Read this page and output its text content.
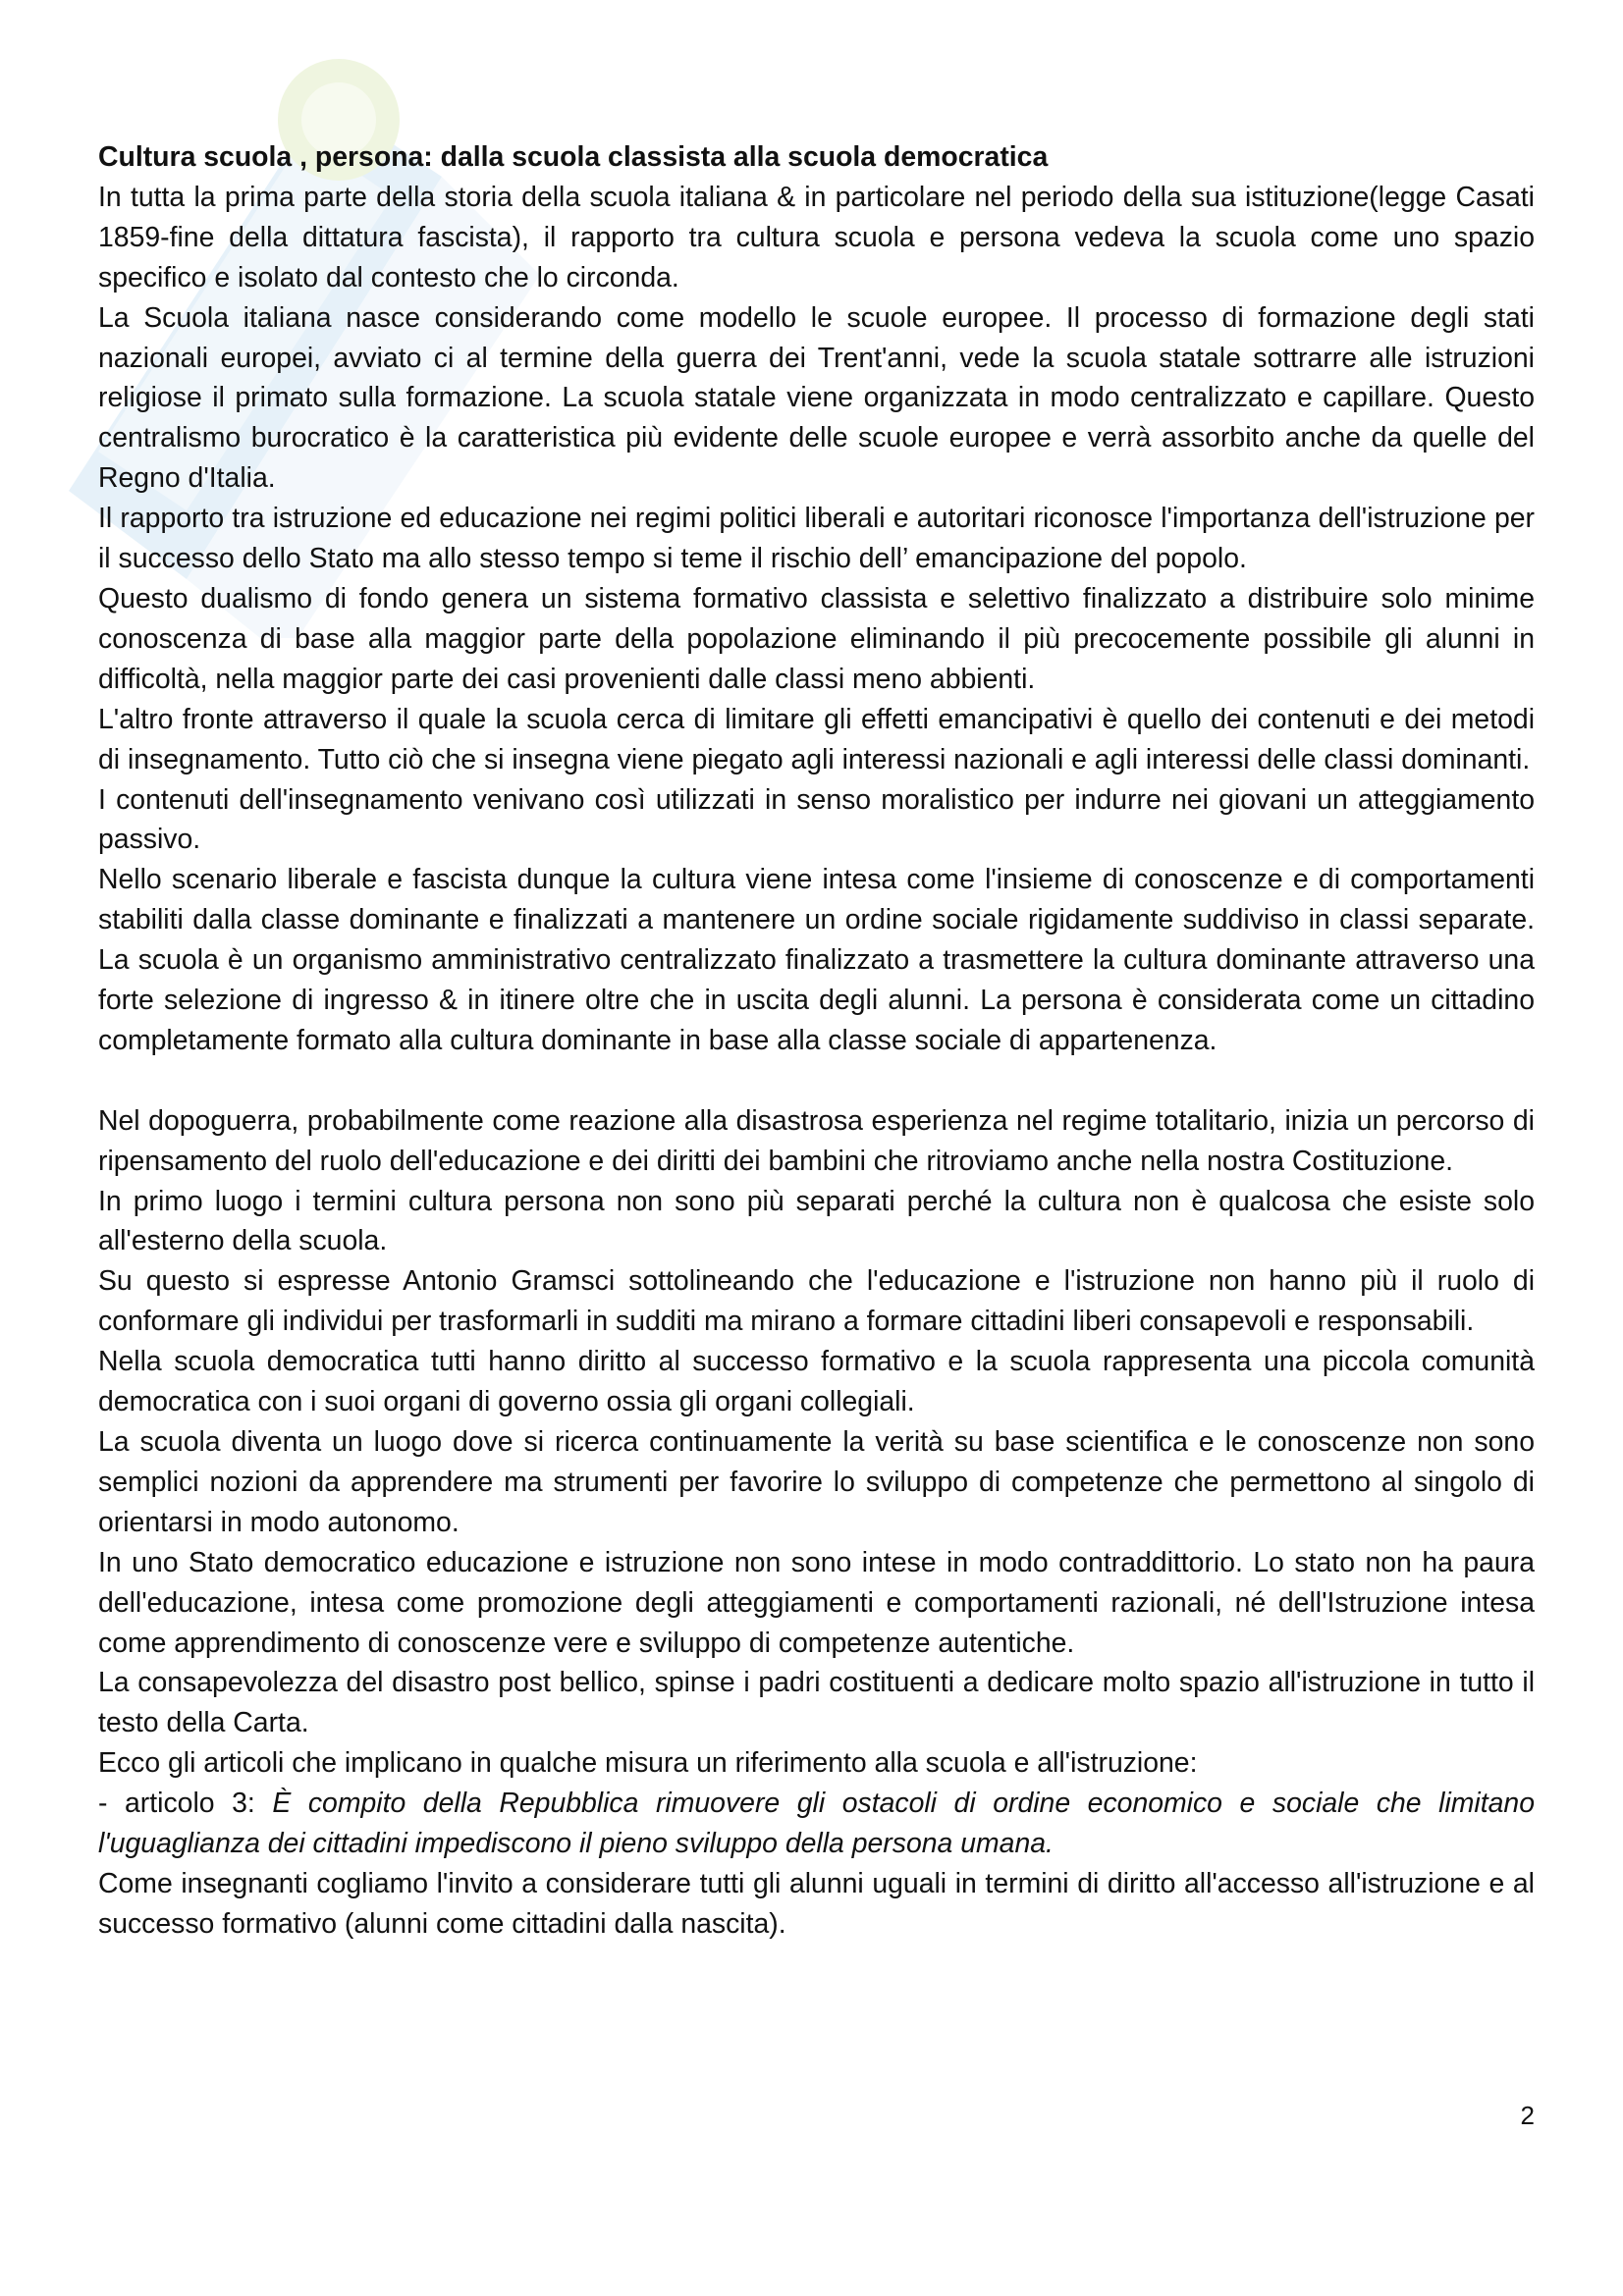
Cultura scuola , persona: dalla scuola classista alla scuola democratica

In tutta la prima parte della storia della scuola italiana & in particolare nel periodo della sua istituzione(legge Casati 1859-fine della dittatura fascista), il rapporto tra cultura scuola e persona vedeva la scuola come uno spazio specifico e isolato dal contesto che lo circonda.

La Scuola italiana nasce considerando come modello le scuole europee. Il processo di formazione degli stati nazionali europei, avviato ci al termine della guerra dei Trent'anni, vede la scuola statale sottrarre alle istruzioni religiose il primato sulla formazione. La scuola statale viene organizzata in modo centralizzato e capillare. Questo centralismo burocratico è la caratteristica più evidente delle scuole europee e verrà assorbito anche da quelle del Regno d'Italia.

Il rapporto tra istruzione ed educazione nei regimi politici liberali e autoritari riconosce l'importanza dell'istruzione per il successo dello Stato ma allo stesso tempo si teme il rischio dell’ emancipazione del popolo.

Questo dualismo di fondo genera un sistema formativo classista e selettivo finalizzato a distribuire solo minime conoscenza di base alla maggior parte della popolazione eliminando il più precocemente possibile gli alunni in difficoltà, nella maggior parte dei casi provenienti dalle classi meno abbienti.

L'altro fronte attraverso il quale la scuola cerca di limitare gli effetti emancipativi è quello dei contenuti e dei metodi di insegnamento. Tutto ciò che si insegna viene piegato agli interessi nazionali e agli interessi delle classi dominanti.

I contenuti dell'insegnamento venivano così utilizzati in senso moralistico per indurre nei giovani un atteggiamento passivo.

Nello scenario liberale e fascista dunque la cultura viene intesa come l'insieme di conoscenze e di comportamenti stabiliti dalla classe dominante e finalizzati a mantenere un ordine sociale rigidamente suddiviso in classi separate. La scuola è un organismo amministrativo centralizzato finalizzato a trasmettere la cultura dominante attraverso una forte selezione di ingresso & in itinere oltre che in uscita degli alunni. La persona è considerata come un cittadino completamente formato alla cultura dominante in base alla classe sociale di appartenenza.

Nel dopoguerra, probabilmente come reazione alla disastrosa esperienza nel regime totalitario, inizia un percorso di ripensamento del ruolo dell'educazione e dei diritti dei bambini che ritroviamo anche nella nostra Costituzione.

In primo luogo i termini cultura persona non sono più separati perché la cultura non è qualcosa che esiste solo all'esterno della scuola.

Su questo si espresse Antonio Gramsci sottolineando che l'educazione e l'istruzione non hanno più il ruolo di conformare gli individui per trasformarli in sudditi ma mirano a formare cittadini liberi consapevoli e responsabili.

Nella scuola democratica tutti hanno diritto al successo formativo e la scuola rappresenta una piccola comunità democratica con i suoi organi di governo ossia gli organi collegiali.

La scuola diventa un luogo dove si ricerca continuamente la verità su base scientifica e le conoscenze non sono semplici nozioni da apprendere ma strumenti per favorire lo sviluppo di competenze che permettono al singolo di orientarsi in modo autonomo.

In uno Stato democratico educazione e istruzione non sono intese in modo contraddittorio. Lo stato non ha paura dell'educazione, intesa come promozione degli atteggiamenti e comportamenti razionali, né dell'Istruzione intesa come apprendimento di conoscenze vere e sviluppo di competenze autentiche.

La consapevolezza del disastro post bellico, spinse i padri costituenti a dedicare molto spazio all'istruzione in tutto il testo della Carta.

Ecco gli articoli che implicano in qualche misura un riferimento alla scuola e all'istruzione:

- articolo 3: È compito della Repubblica rimuovere gli ostacoli di ordine economico e sociale che limitano l'uguaglianza dei cittadini impediscono il pieno sviluppo della persona umana.

Come insegnanti cogliamo l'invito a considerare tutti gli alunni uguali in termini di diritto all'accesso all'istruzione e al successo formativo (alunni come cittadini dalla nascita).

2
